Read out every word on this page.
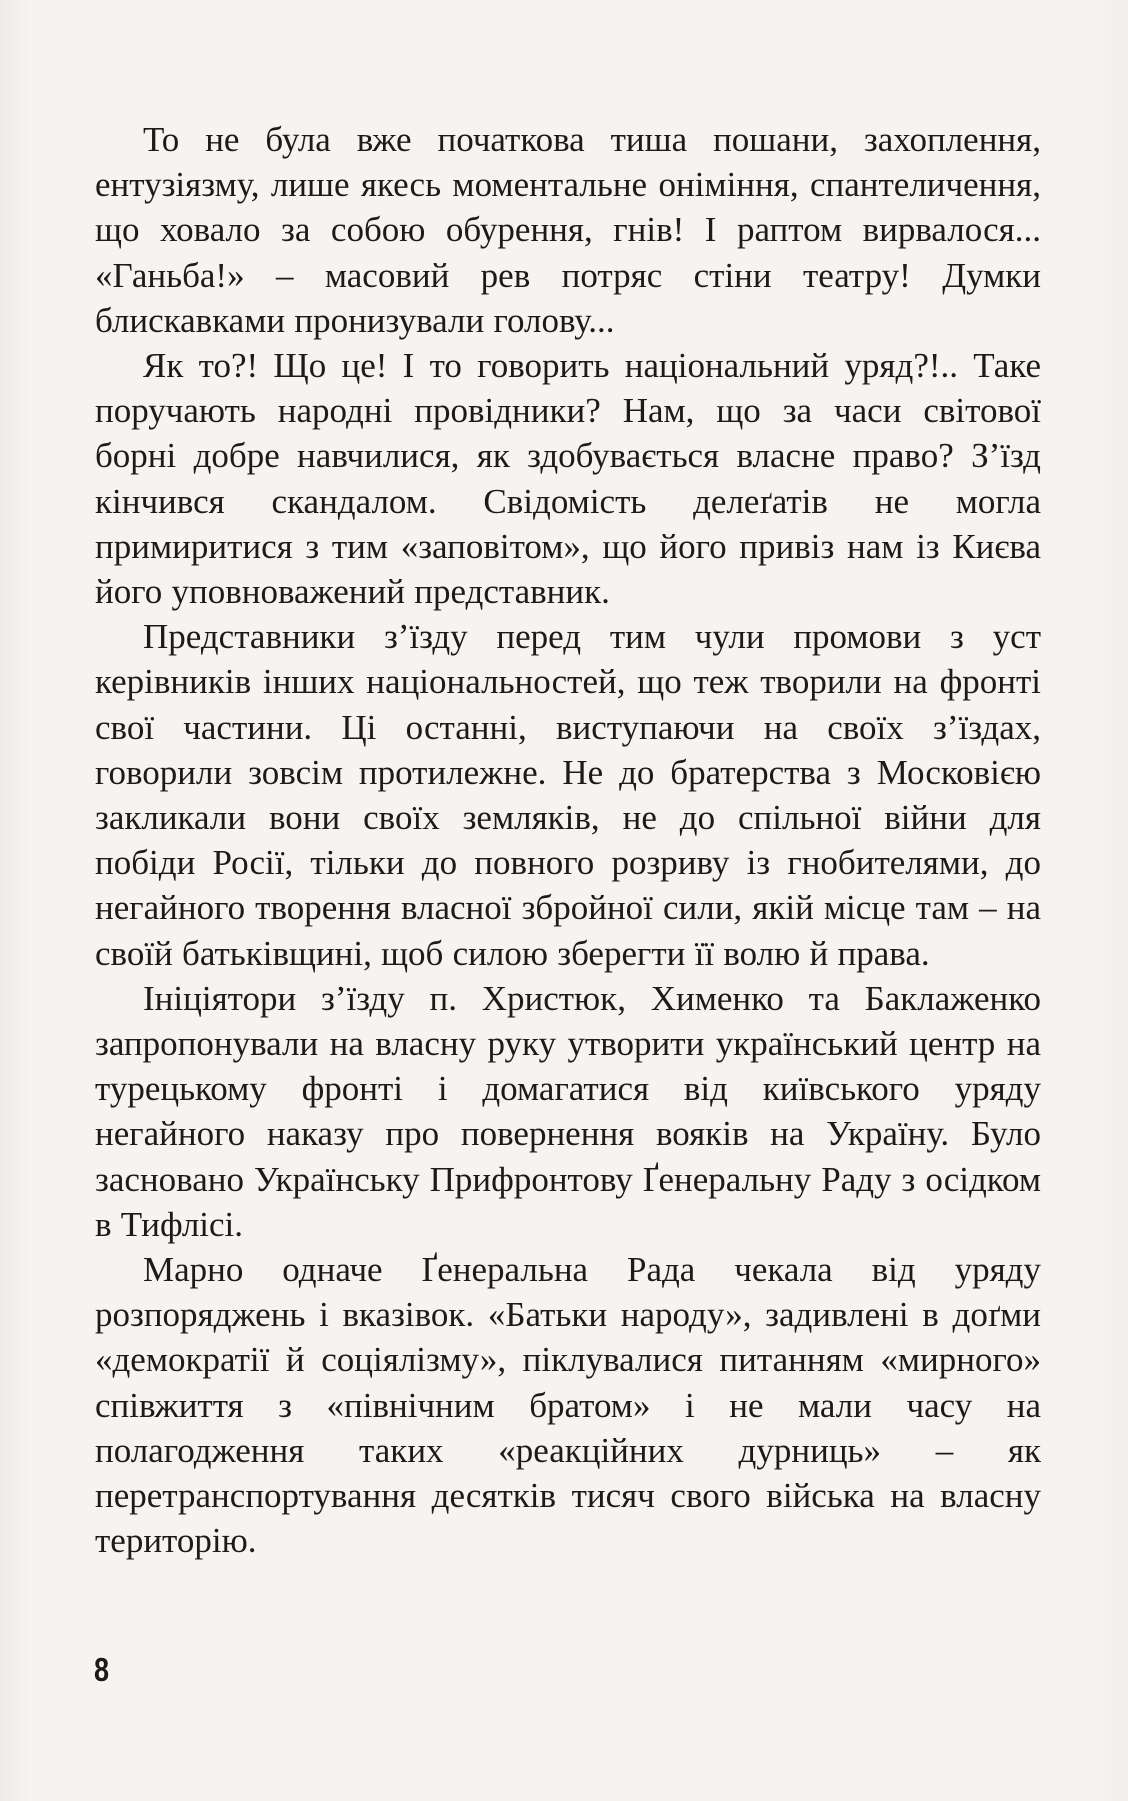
То не була вже початкова тиша пошани, захоплення, ентузіязму, лише якесь моментальне оніміння, спантеличення, що ховало за собою обурення, гнів! І раптом вирвалося... «Ганьба!» – масовий рев потряс стіни театру! Думки блискавками пронизували голову...

Як то?! Що це! І то говорить національний уряд?!.. Таке поручають народні провідники? Нам, що за часи світової борні добре навчилися, як здобувається власне право? З’їзд кінчився скандалом. Свідомість делеґатів не могла примиритися з тим «заповітом», що його привіз нам із Києва його уповноважений представник.

Представники з’їзду перед тим чули промови з уст керівників інших національностей, що теж творили на фронті свої частини. Ці останні, виступаючи на своїх з’їздах, говорили зовсім протилежне. Не до братерства з Московією закликали вони своїх земляків, не до спільної війни для побіди Росії, тільки до повного розриву із гнобителями, до негайного творення власної збройної сили, якій місце там – на своїй батьківщині, щоб силою зберегти її волю й права.

Ініціятори з’їзду п. Христюк, Хименко та Баклаженко запропонували на власну руку утворити український центр на турецькому фронті і домагатися від київського уряду негайного наказу про повернення вояків на Україну. Було засновано Українську Прифронтову Ґенеральну Раду з осідком в Тифлісі.

Марно одначе Ґенеральна Рада чекала від уряду розпоряджень і вказівок. «Батьки народу», задивлені в доґми «демократії й соціялізму», піклувалися питанням «мирного» співжиття з «північним братом» і не мали часу на полагодження таких «реакційних дурниць» – як перетранспортування десятків тисяч свого війська на власну територію.

8
